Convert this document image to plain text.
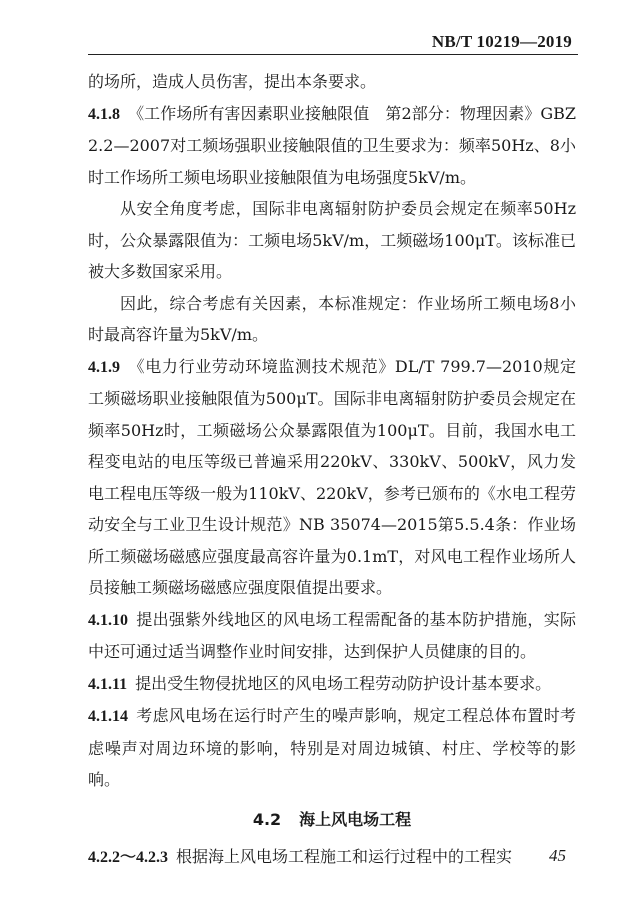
NB/T 10219—2019

的场所，造成人员伤害，提出本条要求。

4.1.8 《工作场所有害因素职业接触限值　第2部分：物理因素》GBZ 2.2—2007对工频场强职业接触限值的卫生要求为：频率50Hz、8小时工作场所工频电场职业接触限值为电场强度5kV/m。

从安全角度考虑，国际非电离辐射防护委员会规定在频率50Hz时，公众暴露限值为：工频电场5kV/m，工频磁场100μT。该标准已被大多数国家采用。

因此，综合考虑有关因素，本标准规定：作业场所工频电场8小时最高容许量为5kV/m。

4.1.9 《电力行业劳动环境监测技术规范》DL/T 799.7—2010规定工频磁场职业接触限值为500μT。国际非电离辐射防护委员会规定在频率50Hz时，工频磁场公众暴露限值为100μT。目前，我国水电工程变电站的电压等级已普遍采用220kV、330kV、500kV，风力发电工程电压等级一般为110kV、220kV，参考已颁布的《水电工程劳动安全与工业卫生设计规范》NB 35074—2015第5.5.4条：作业场所工频磁场磁感应强度最高容许量为0.1mT，对风电工程作业场所人员接触工频磁场磁感应强度限值提出要求。

4.1.10 提出强紫外线地区的风电场工程需配备的基本防护措施，实际中还可通过适当调整作业时间安排，达到保护人员健康的目的。

4.1.11 提出受生物侵扰地区的风电场工程劳动防护设计基本要求。

4.1.14 考虑风电场在运行时产生的噪声影响，规定工程总体布置时考虑噪声对周边环境的影响，特别是对周边城镇、村庄、学校等的影响。

4.2 海上风电场工程

4.2.2～4.2.3 根据海上风电场工程施工和运行过程中的工程实	45
